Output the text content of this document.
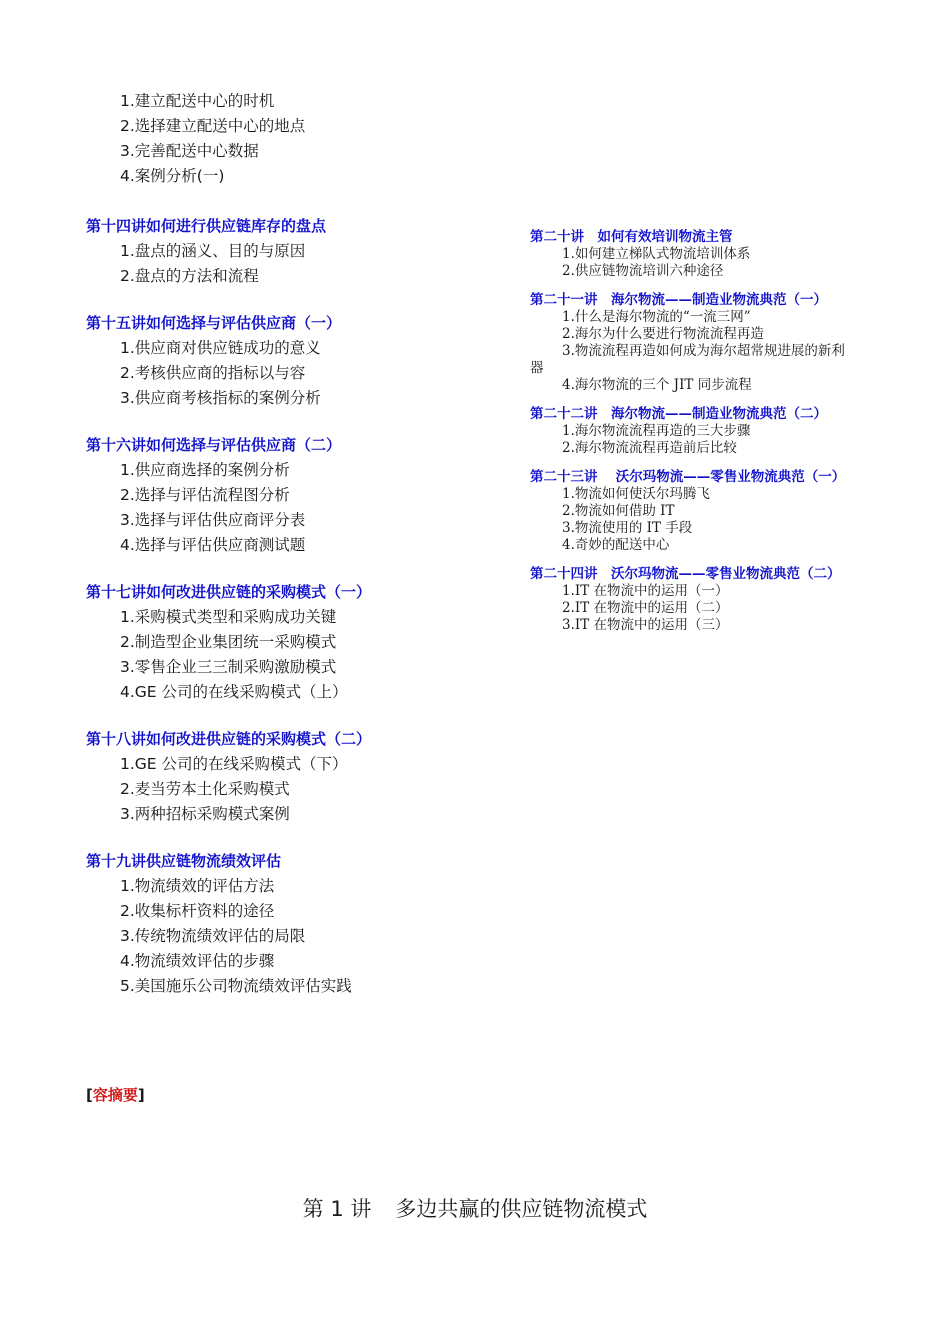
1.建立配送中心的时机
2.选择建立配送中心的地点
3.完善配送中心数据
4.案例分析(一)
第十四讲如何进行供应链库存的盘点
1.盘点的涵义、目的与原因
2.盘点的方法和流程
第十五讲如何选择与评估供应商（一）
1.供应商对供应链成功的意义
2.考核供应商的指标以与容
3.供应商考核指标的案例分析
第十六讲如何选择与评估供应商（二）
1.供应商选择的案例分析
2.选择与评估流程图分析
3.选择与评估供应商评分表
4.选择与评估供应商测试题
第十七讲如何改进供应链的采购模式（一）
1.采购模式类型和采购成功关键
2.制造型企业集团统一采购模式
3.零售企业三三制采购激励模式
4.GE 公司的在线采购模式（上）
第十八讲如何改进供应链的采购模式（二）
1.GE 公司的在线采购模式（下）
2.麦当劳本土化采购模式
3.两种招标采购模式案例
第十九讲供应链物流绩效评估
1.物流绩效的评估方法
2.收集标杆资料的途径
3.传统物流绩效评估的局限
4.物流绩效评估的步骤
5.美国施乐公司物流绩效评估实践
第二十讲　如何有效培训物流主管
1.如何建立梯队式物流培训体系
2.供应链物流培训六种途径
第二十一讲　海尔物流——制造业物流典范（一）
1.什么是海尔物流的“一流三网”
2.海尔为什么要进行物流流程再造
3.物流流程再造如何成为海尔超常规进展的新利器
4.海尔物流的三个 JIT 同步流程
第二十二讲　海尔物流——制造业物流典范（二）
1.海尔物流流程再造的三大步骤
2.海尔物流流程再造前后比较
第二十三讲　 沃尔玛物流——零售业物流典范（一）
1.物流如何使沃尔玛腾飞
2.物流如何借助 IT
3.物流使用的 IT 手段
4.奇妙的配送中心
第二十四讲　沃尔玛物流——零售业物流典范（二）
1.IT 在物流中的运用（一）
2.IT 在物流中的运用（二）
3.IT 在物流中的运用（三）
[容摘要]
第 1 讲 多边共赢的供应链物流模式
